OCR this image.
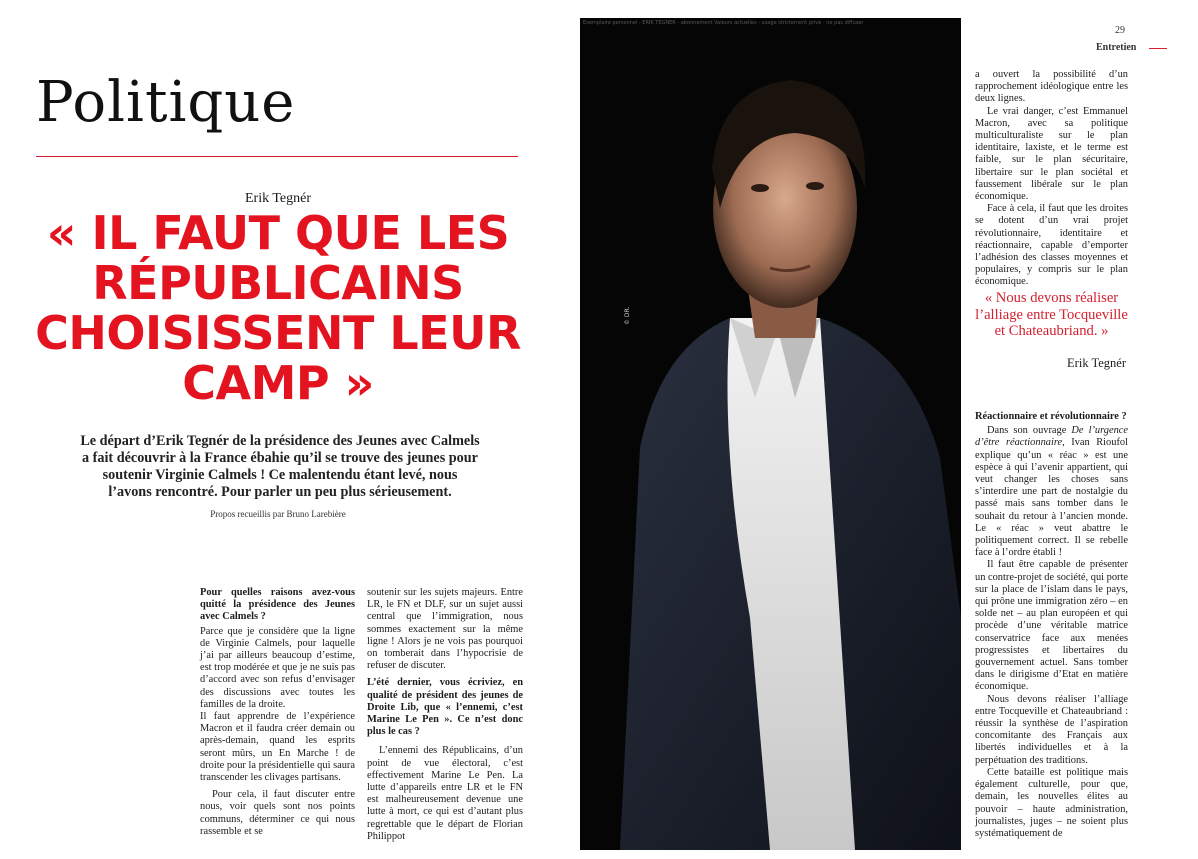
Politique
Erik Tegnér
« IL FAUT QUE LES
RÉPUBLICAINS
CHOISISSENT LEUR
CAMP »
Le départ d’Erik Tegnér de la présidence des Jeunes avec Calmels a fait découvrir à la France ébahie qu’il se trouve des jeunes pour soutenir Virginie Calmels ! Ce malentendu étant levé, nous l’avons rencontré. Pour parler un peu plus sérieusement.
Propos recueillis par Bruno Larebière

Pour quelles raisons avez-vous quitté la présidence des Jeunes avec Calmels ?

Parce que je considère que la ligne de Virginie Calmels, pour laquelle j’ai par ailleurs beaucoup d’estime, est trop modérée et que je ne suis pas d’accord avec son refus d’envisager des discussions avec toutes les familles de la droite.

Il faut apprendre de l’expérience Macron et il faudra créer demain ou après-demain, quand les esprits seront mûrs, un En Marche ! de droite pour la présidentielle qui saura transcender les clivages partisans.

Pour cela, il faut discuter entre nous, voir quels sont nos points communs, déterminer ce qui nous rassemble et se

soutenir sur les sujets majeurs. Entre LR, le FN et DLF, sur un sujet aussi central que l’immigration, nous sommes exactement sur la même ligne ! Alors je ne vois pas pourquoi on tomberait dans l’hypocrisie de refuser de discuter.

L’été dernier, vous écriviez, en qualité de président des jeunes de Droite Lib, que « l’ennemi, c’est Marine Le Pen ». Ce n’est donc plus le cas ?

L’ennemi des Républicains, d’un point de vue électoral, c’est effectivement Marine Le Pen. La lutte d’appareils entre LR et le FN est malheureusement devenue une lutte à mort, ce qui est d’autant plus regrettable que le départ de Florian Philippot

Exemplaire personnel - ERIK TEGNÉR - abonnement Valeurs actuelles - usage strictement privé - ne pas diffuser
© DR.
29
Entretien

a ouvert la possibilité d’un rapprochement idéologique entre les deux lignes.

Le vrai danger, c’est Emmanuel Macron, avec sa politique multiculturaliste sur le plan identitaire, laxiste, et le terme est faible, sur le plan sécuritaire, libertaire sur le plan sociétal et faussement libérale sur le plan économique.

Face à cela, il faut que les droites se dotent d’un vrai projet révolutionnaire, identitaire et réactionnaire, capable d’emporter l’adhésion des classes moyennes et populaires, y compris sur le plan économique.

« Nous devons réaliser l’alliage entre Tocqueville et Chateaubriand. »
Erik Tegnér

Réactionnaire et révolutionnaire ?

Dans son ouvrage De l’urgence d’être réactionnaire, Ivan Rioufol explique qu’un « réac » est une espèce à qui l’avenir appartient, qui veut changer les choses sans s’interdire une part de nostalgie du passé mais sans tomber dans le souhait du retour à l’ancien monde. Le « réac » veut abattre le politiquement correct. Il se rebelle face à l’ordre établi !

Il faut être capable de présenter un contre-projet de société, qui porte sur la place de l’islam dans le pays, qui prône une immigration zéro – en solde net – au plan européen et qui procède d’une véritable matrice conservatrice face aux menées progressistes et libertaires du gouvernement actuel. Sans tomber dans le dirigisme d’Etat en matière économique.

Nous devons réaliser l’alliage entre Tocqueville et Chateaubriand : réussir la synthèse de l’aspiration concomitante des Français aux libertés individuelles et à la perpétuation des traditions.

Cette bataille est politique mais également culturelle, pour que, demain, les nouvelles élites au pouvoir – haute administration, journalistes, juges – ne soient plus systématiquement de
